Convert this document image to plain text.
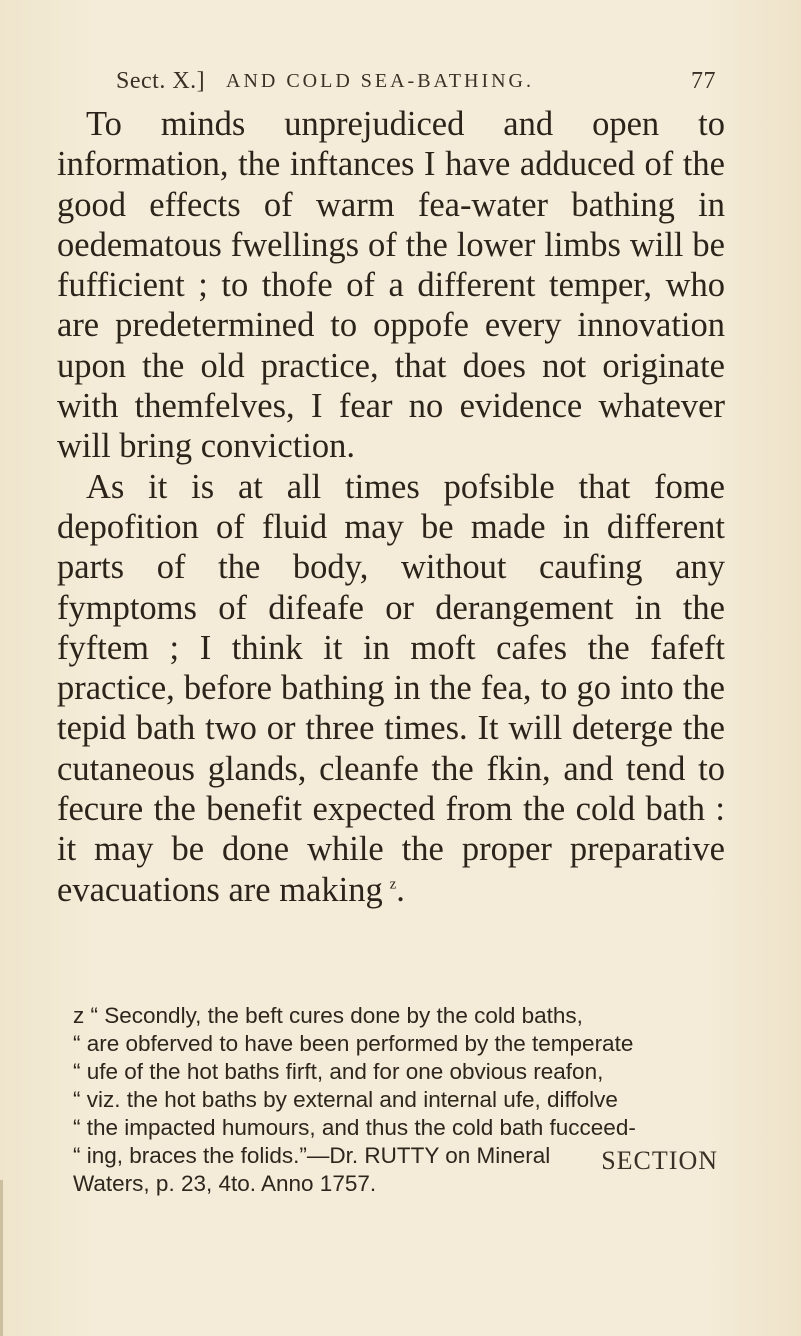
Sect. X.] AND COLD SEA-BATHING.	77

To minds unprejudiced and open to information, the inftances I have adduced of the good effects of warm fea-water bathing in oedematous fwellings of the lower limbs will be fufficient ; to thofe of a different temper, who are predetermined to oppofe every innovation upon the old practice, that does not originate with themfelves, I fear no evidence whatever will bring conviction.

As it is at all times pofsible that fome depofition of fluid may be made in different parts of the body, without caufing any fymptoms of difeafe or derangement in the fyftem ; I think it in moft cafes the fafeft practice, before bathing in the fea, to go into the tepid bath two or three times. It will deterge the cutaneous glands, cleanfe the fkin, and tend to fecure the benefit expected from the cold bath : it may be done while the proper preparative evacuations are making  $^z$.

z “ Secondly, the beft cures done by the cold baths,
“ are obferved to have been performed by the temperate
“ ufe of the hot baths firft, and for one obvious reafon,
“ viz. the hot baths by external and internal ufe, diffolve
“ the impacted humours, and thus the cold bath fucceed-
“ ing, braces the folids.”—Dr. RUTTY on Mineral
Waters, p. 23, 4to. Anno 1757.
SECTION
